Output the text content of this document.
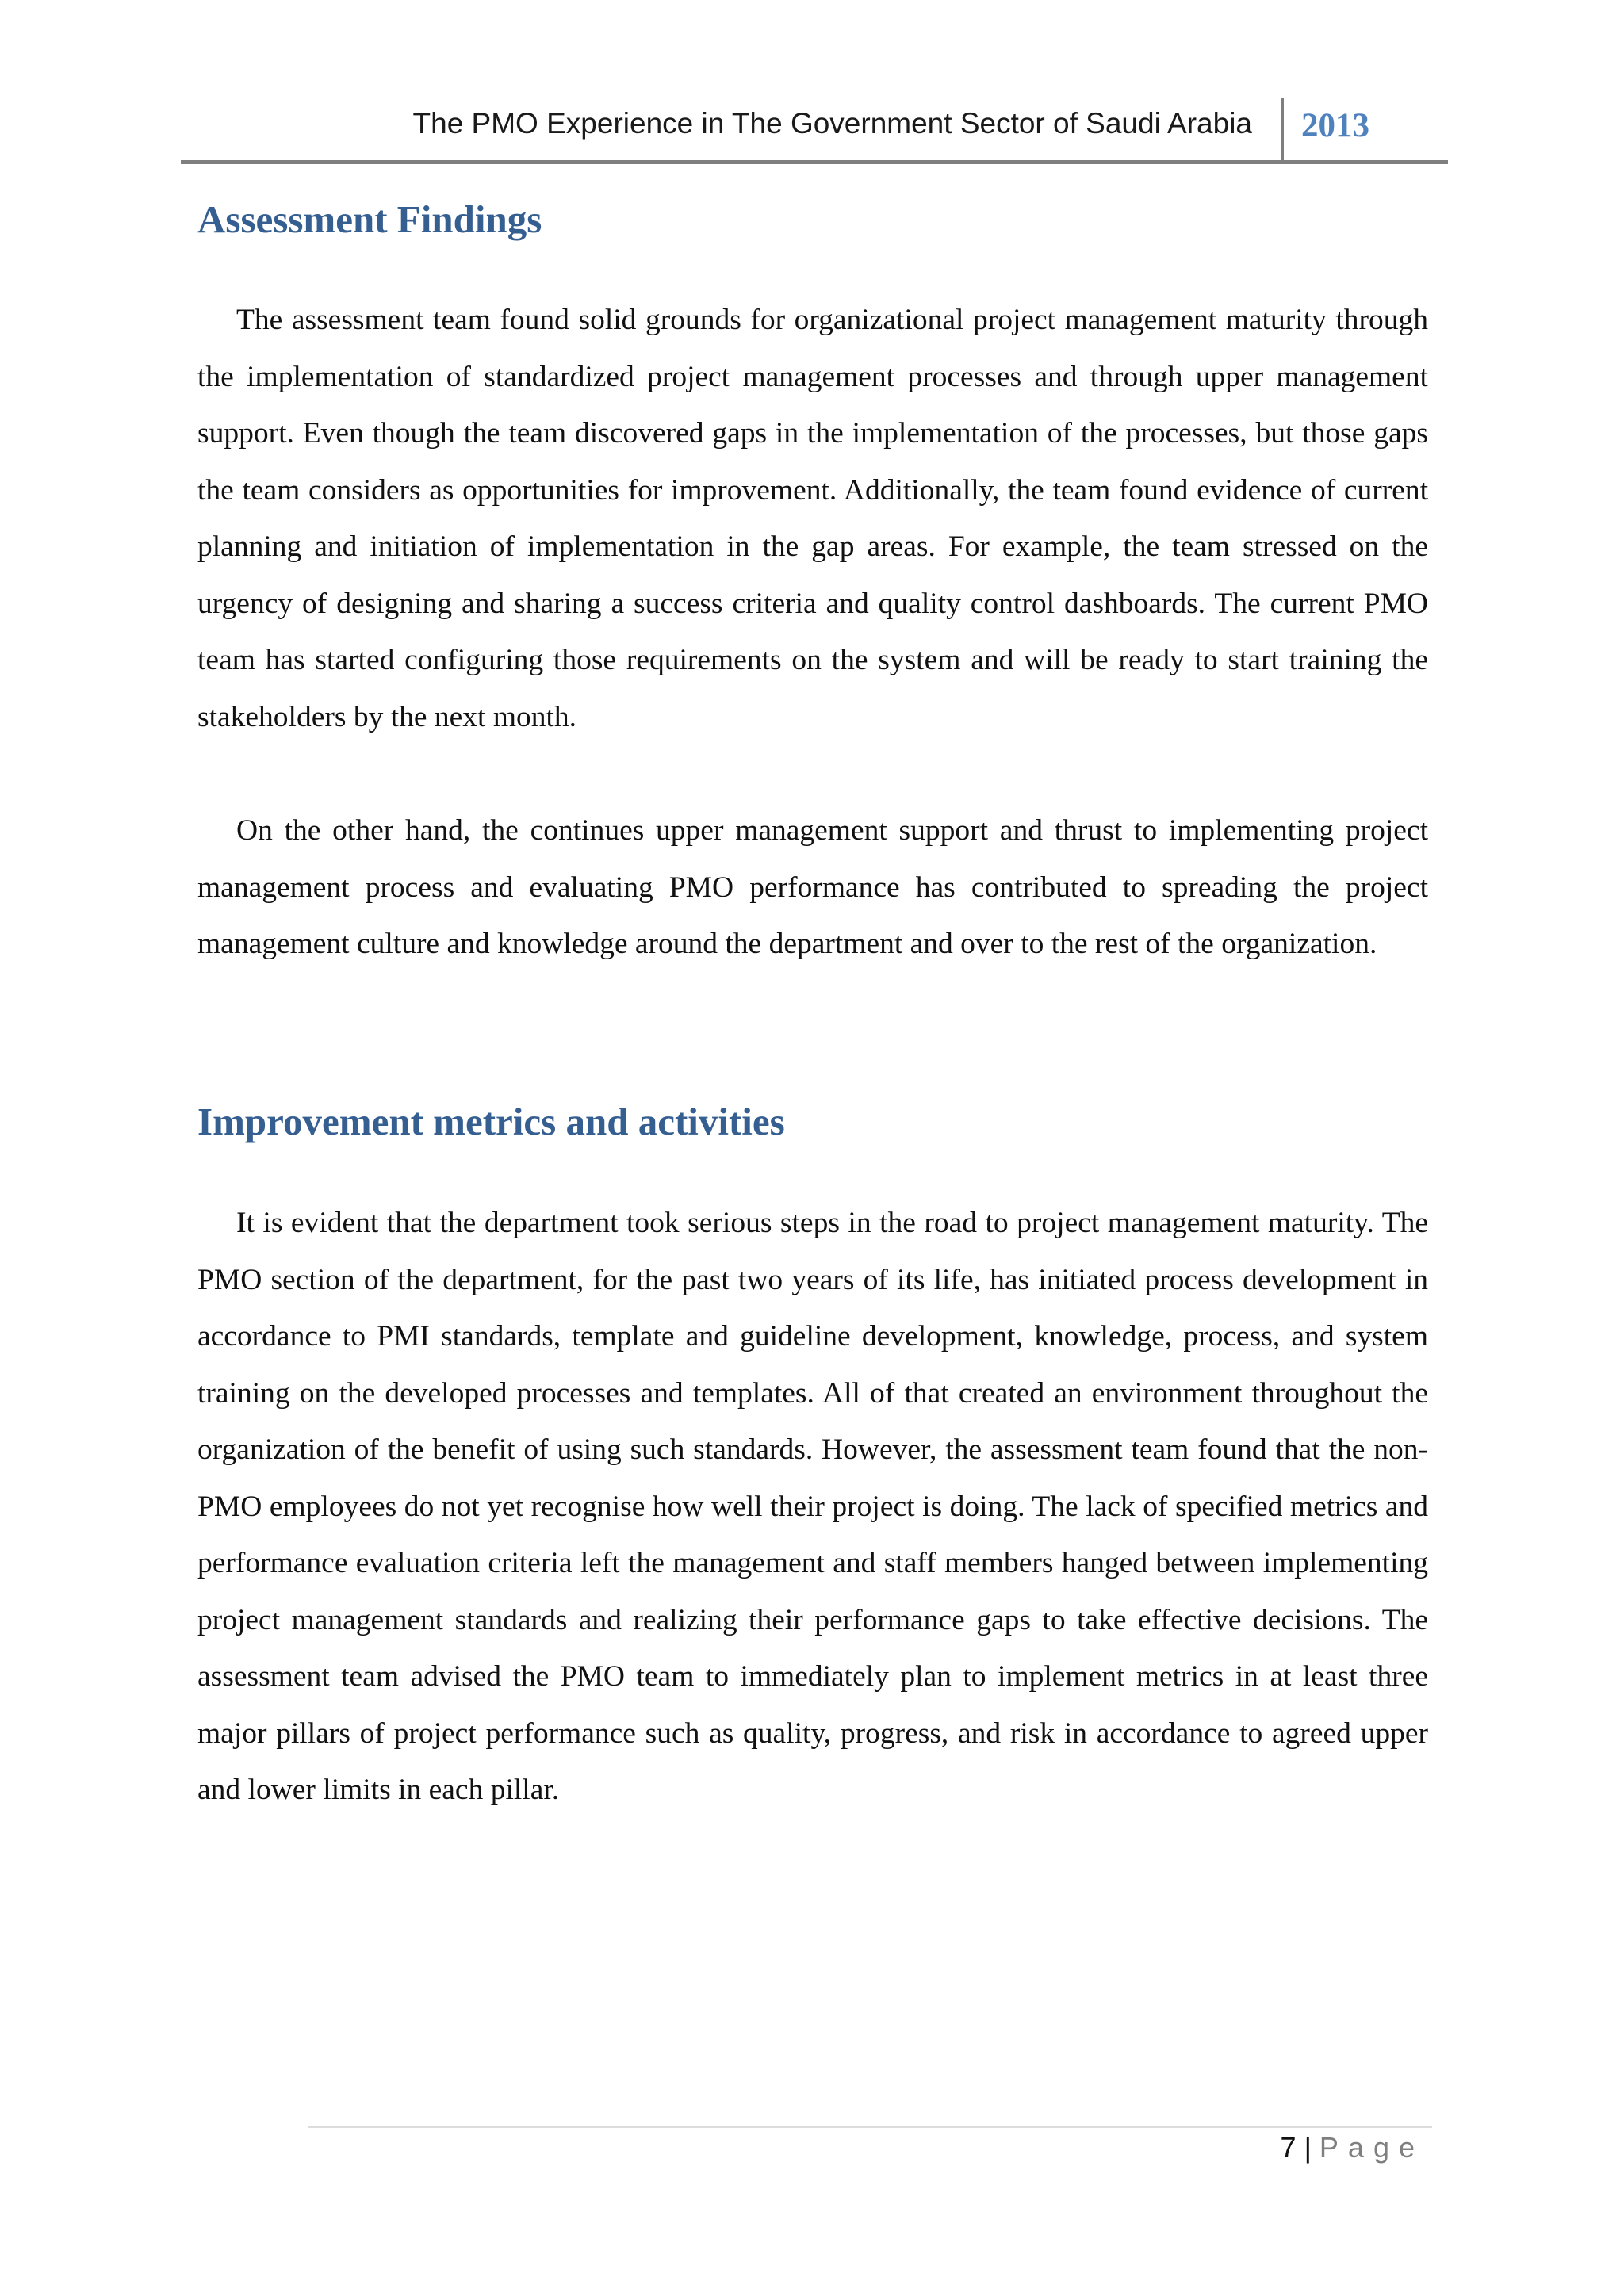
The PMO Experience in The Government Sector of Saudi Arabia 2013
Assessment Findings

The assessment team found solid grounds for organizational project management maturity through the implementation of standardized project management processes and through upper management support. Even though the team discovered gaps in the implementation of the processes, but those gaps the team considers as opportunities for improvement. Additionally, the team found evidence of current planning and initiation of implementation in the gap areas. For example, the team stressed on the urgency of designing and sharing a success criteria and quality control dashboards. The current PMO team has started configuring those requirements on the system and will be ready to start training the stakeholders by the next month.

On the other hand, the continues upper management support and thrust to implementing project management process and evaluating PMO performance has contributed to spreading the project management culture and knowledge around the department and over to the rest of the organization.

Improvement metrics and activities

It is evident that the department took serious steps in the road to project management maturity. The PMO section of the department, for the past two years of its life, has initiated process development in accordance to PMI standards, template and guideline development, knowledge, process, and system training on the developed processes and templates. All of that created an environment throughout the organization of the benefit of using such standards. However, the assessment team found that the non-PMO employees do not yet recognise how well their project is doing. The lack of specified metrics and performance evaluation criteria left the management and staff members hanged between implementing project management standards and realizing their performance gaps to take effective decisions. The assessment team advised the PMO team to immediately plan to implement metrics in at least three major pillars of project performance such as quality, progress, and risk in accordance to agreed upper and lower limits in each pillar.

7 | Page
